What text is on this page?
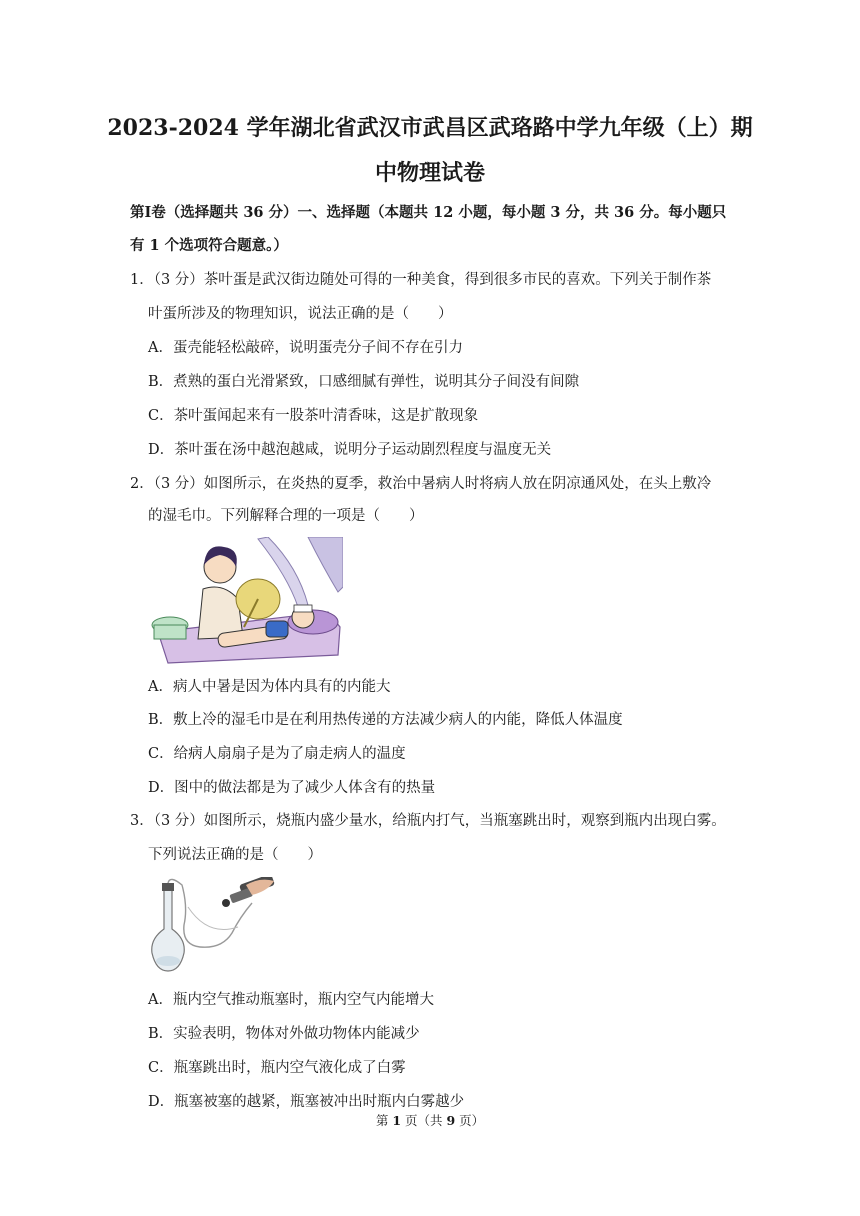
2023-2024 学年湖北省武汉市武昌区武珞路中学九年级（上）期
中物理试卷
第Ⅰ卷（选择题共 36 分）一、选择题（本题共 12 小题，每小题 3 分，共 36 分。每小题只
有 1 个选项符合题意。）
1．（3 分）茶叶蛋是武汉街边随处可得的一种美食，得到很多市民的喜欢。下列关于制作茶
叶蛋所涉及的物理知识，说法正确的是（　　）
A．蛋壳能轻松敲碎，说明蛋壳分子间不存在引力
B．煮熟的蛋白光滑紧致，口感细腻有弹性，说明其分子间没有间隙
C．茶叶蛋闻起来有一股茶叶清香味，这是扩散现象
D．茶叶蛋在汤中越泡越咸，说明分子运动剧烈程度与温度无关
2．（3 分）如图所示，在炎热的夏季，救治中暑病人时将病人放在阴凉通风处，在头上敷冷
的湿毛巾。下列解释合理的一项是（　　）
A．病人中暑是因为体内具有的内能大
B．敷上冷的湿毛巾是在利用热传递的方法减少病人的内能，降低人体温度
C．给病人扇扇子是为了扇走病人的温度
D．图中的做法都是为了减少人体含有的热量
3．（3 分）如图所示，烧瓶内盛少量水，给瓶内打气，当瓶塞跳出时，观察到瓶内出现白雾。
下列说法正确的是（　　）
A．瓶内空气推动瓶塞时，瓶内空气内能增大
B．实验表明，物体对外做功物体内能减少
C．瓶塞跳出时，瓶内空气液化成了白雾
D．瓶塞被塞的越紧，瓶塞被冲出时瓶内白雾越少
第 1 页（共 9 页）
